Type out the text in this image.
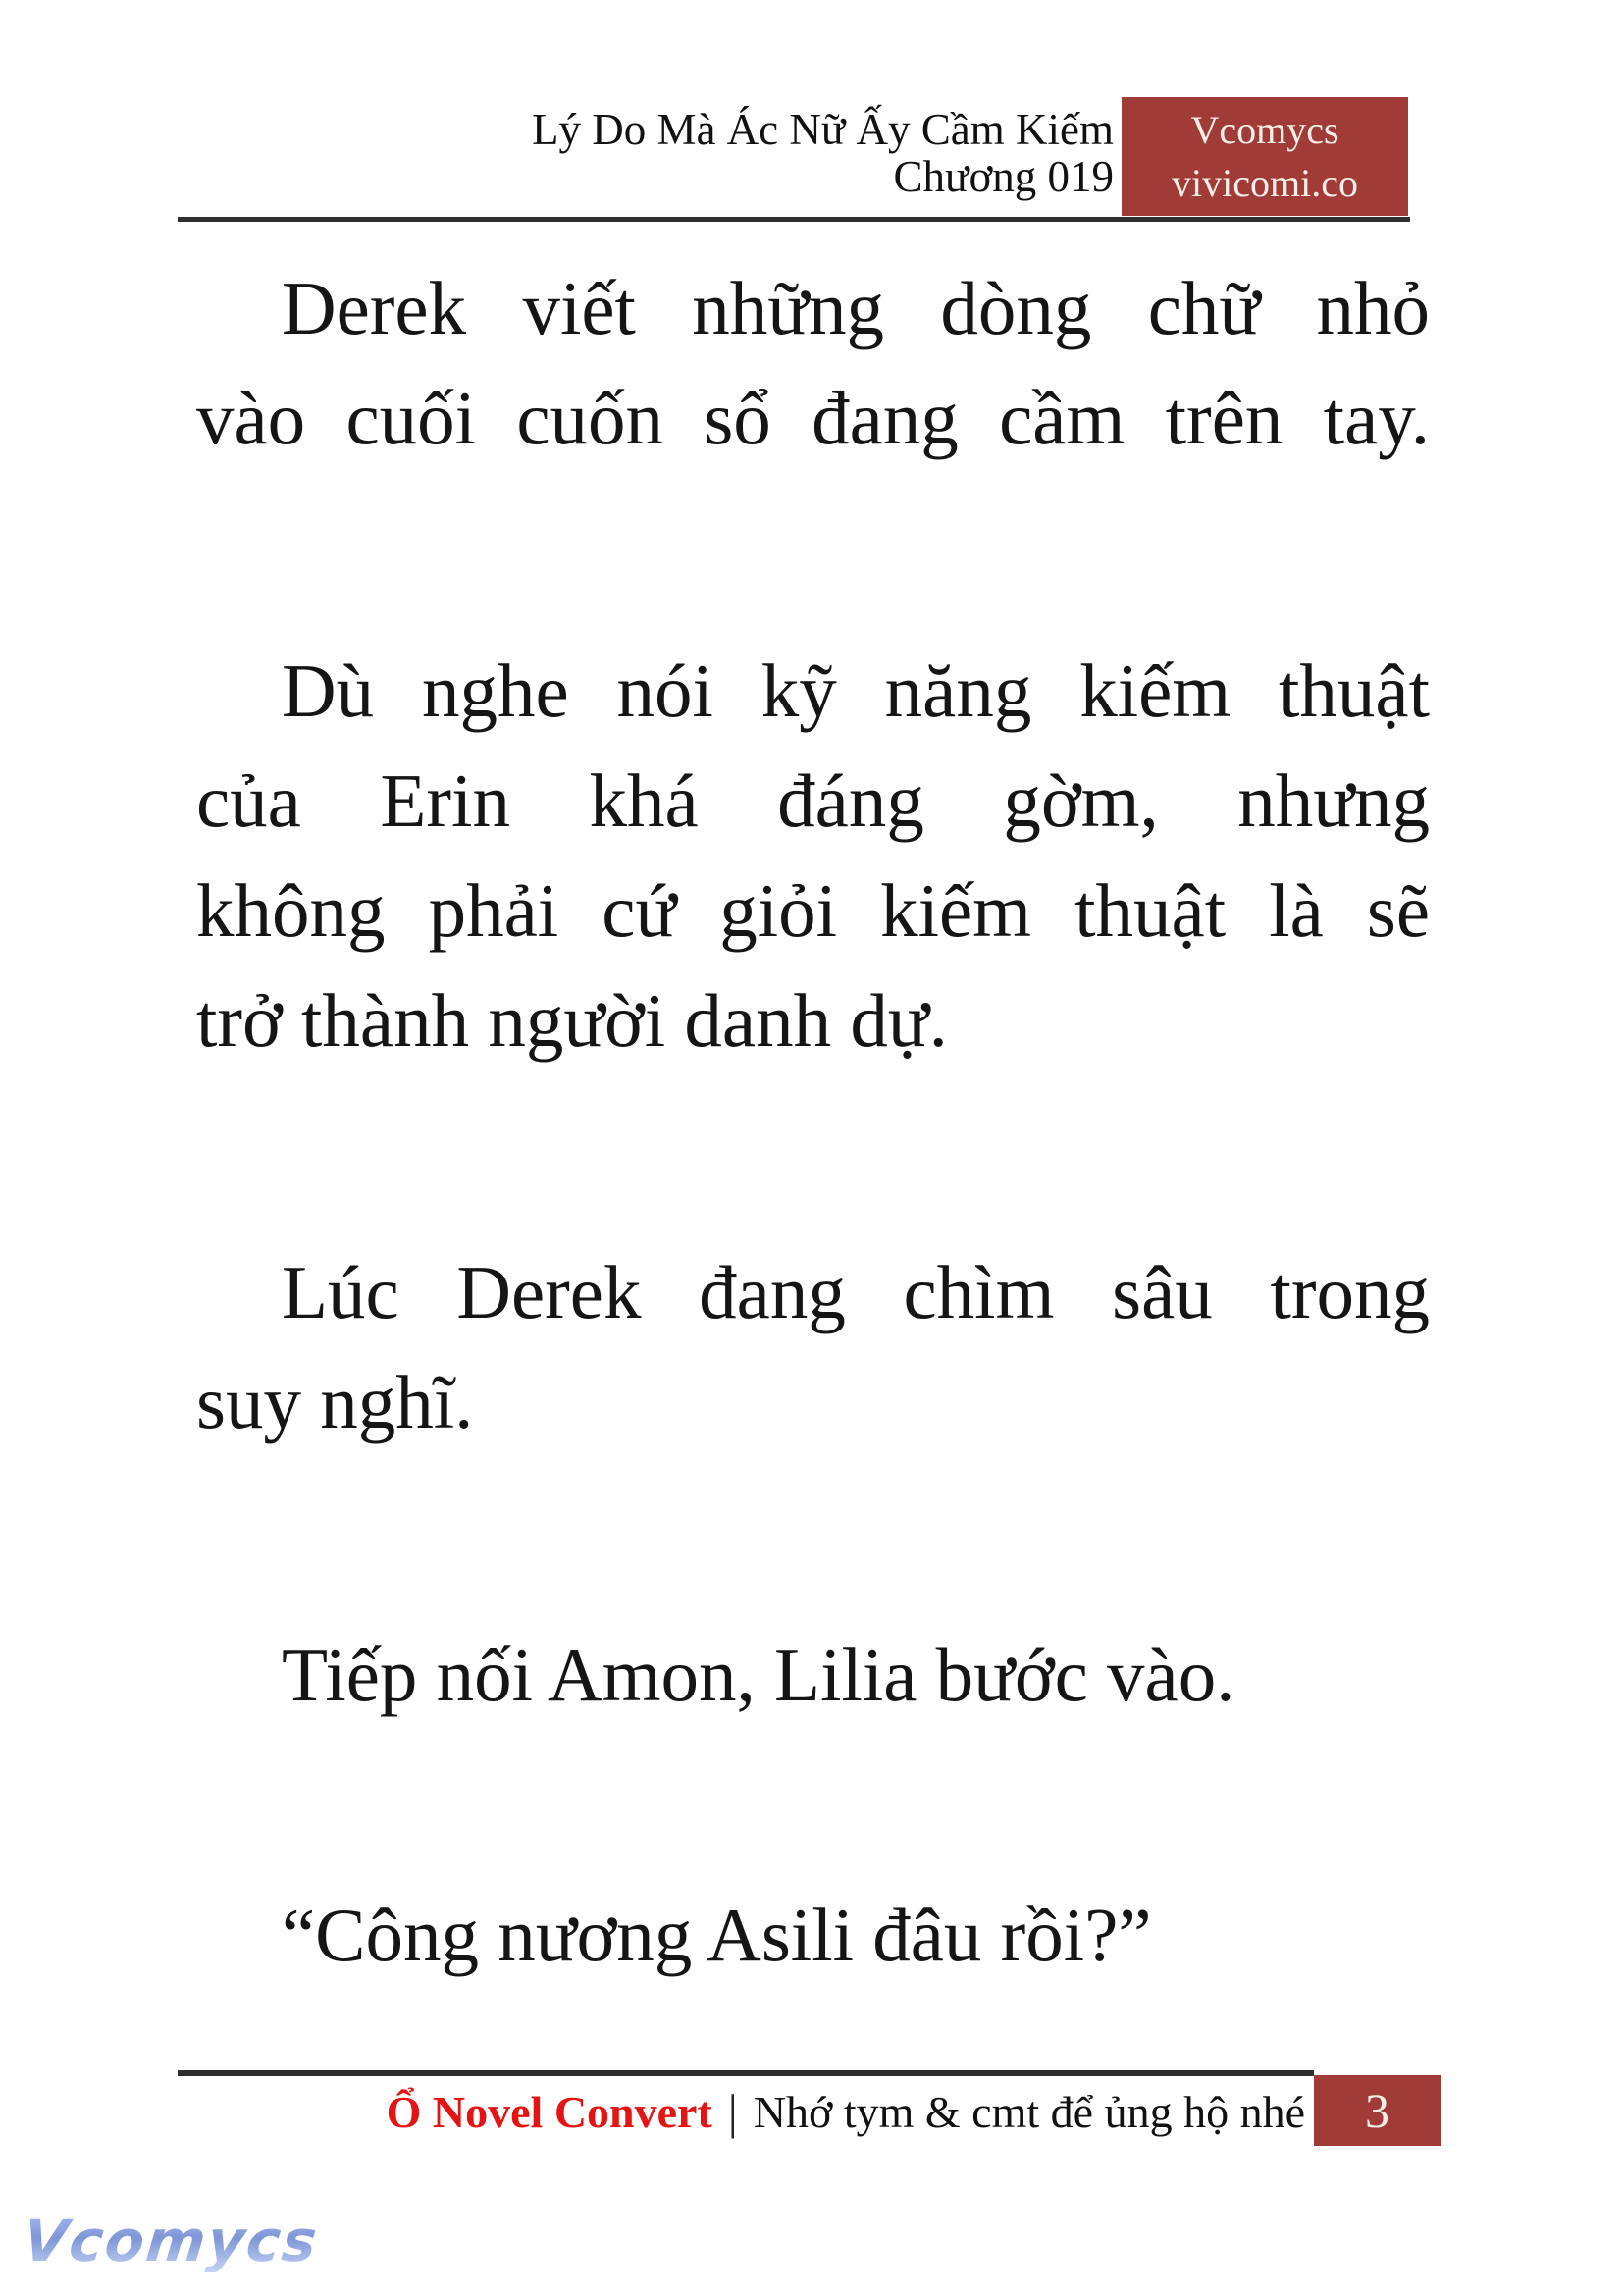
Lý Do Mà Ác Nữ Ấy Cầm Kiếm
Chương 019
Vcomycs
vivicomi.co
Derek viết những dòng chữ nhỏ
vào cuối cuốn sổ đang cầm trên tay.
Dù nghe nói kỹ năng kiếm thuật
của Erin khá đáng gờm, nhưng
không phải cứ giỏi kiếm thuật là sẽ
trở thành người danh dự.
Lúc Derek đang chìm sâu trong
suy nghĩ.
Tiếp nối Amon, Lilia bước vào.
“Công nương Asili đâu rồi?”
Ổ Novel Convert | Nhớ tym & cmt để ủng hộ nhé	3
Vcomycs
